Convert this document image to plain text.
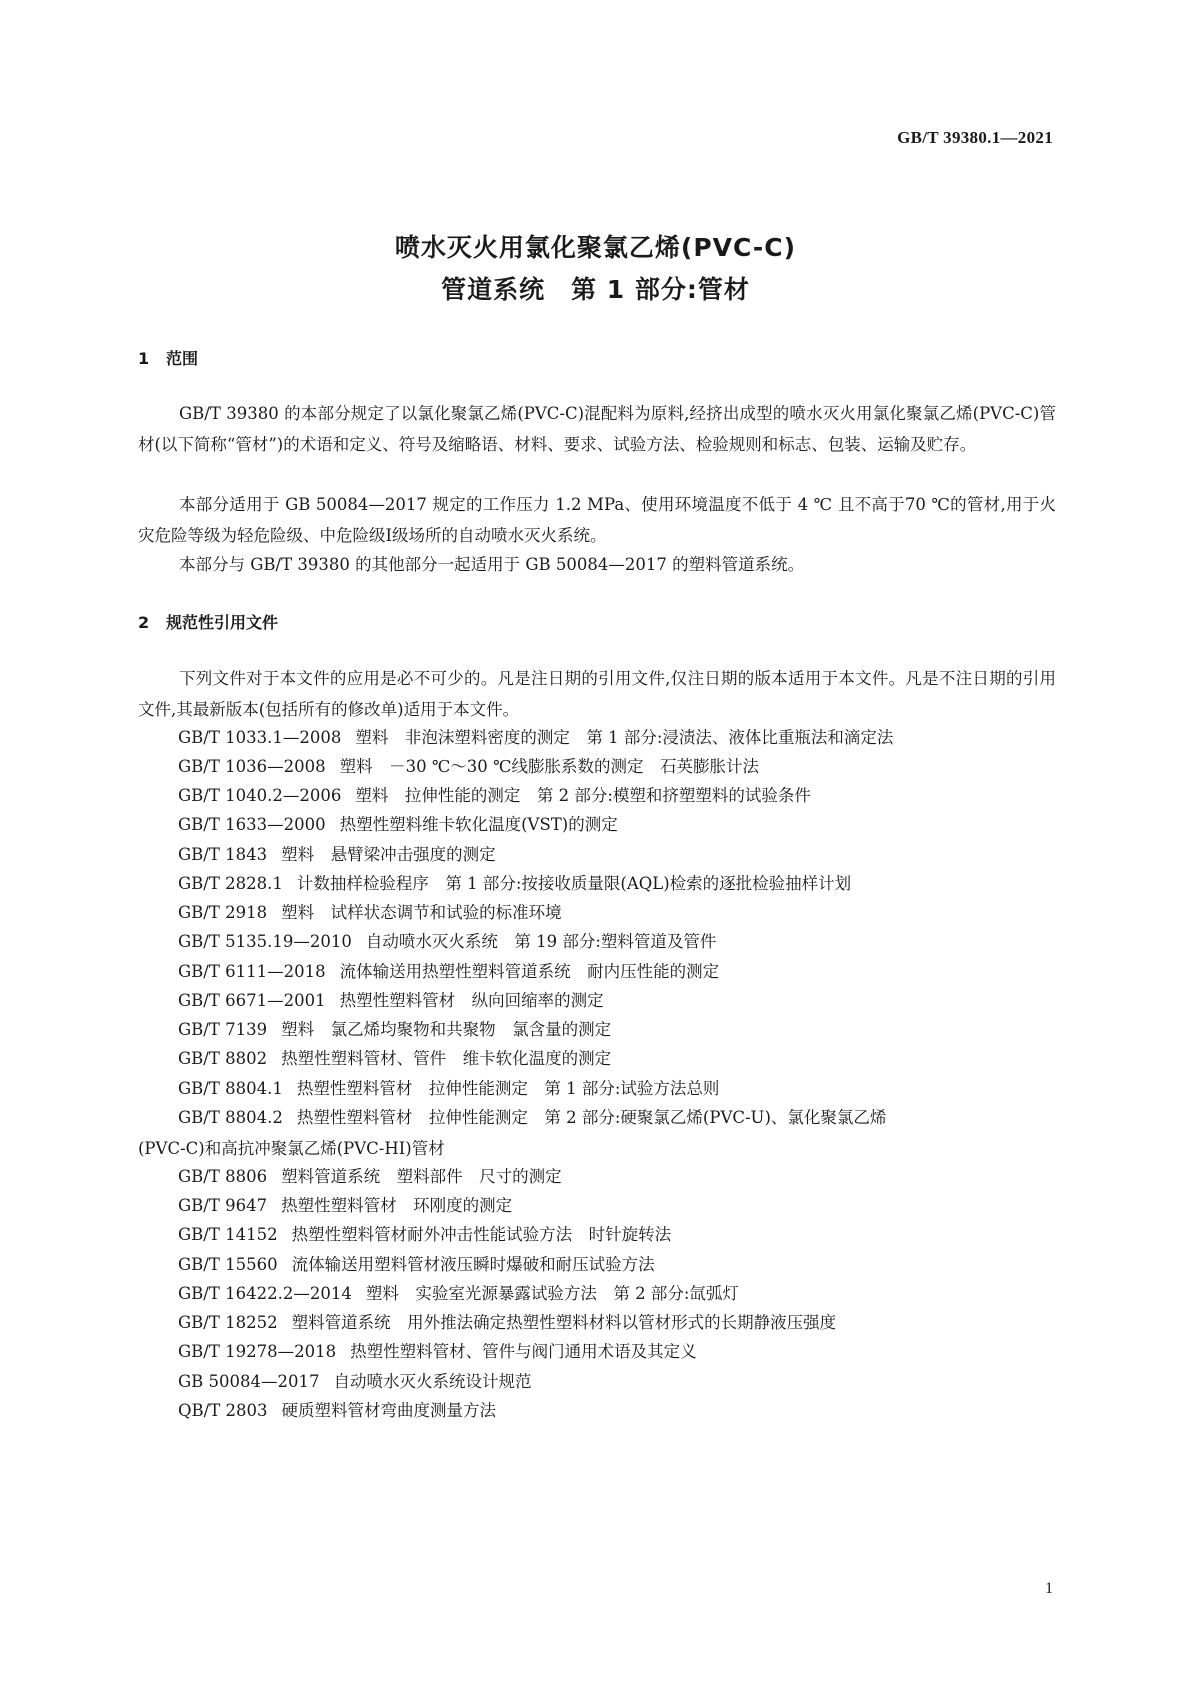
GB/T 39380.1—2021
喷水灭火用氯化聚氯乙烯(PVC-C)
管道系统　第 1 部分:管材
1 范围

GB/T 39380 的本部分规定了以氯化聚氯乙烯(PVC-C)混配料为原料,经挤出成型的喷水灭火用氯化聚氯乙烯(PVC-C)管材(以下简称“管材”)的术语和定义、符号及缩略语、材料、要求、试验方法、检验规则和标志、包装、运输及贮存。

本部分适用于 GB 50084—2017 规定的工作压力 1.2 MPa、使用环境温度不低于 4 ℃ 且不高于70 ℃的管材,用于火灾危险等级为轻危险级、中危险级Ⅰ级场所的自动喷水灭火系统。

本部分与 GB/T 39380 的其他部分一起适用于 GB 50084—2017 的塑料管道系统。

2 规范性引用文件

下列文件对于本文件的应用是必不可少的。凡是注日期的引用文件,仅注日期的版本适用于本文件。凡是不注日期的引用文件,其最新版本(包括所有的修改单)适用于本文件。

GB/T 1033.1—2008 塑料　非泡沫塑料密度的测定　第 1 部分:浸渍法、液体比重瓶法和滴定法

GB/T 1036—2008 塑料　－30 ℃～30 ℃线膨胀系数的测定　石英膨胀计法

GB/T 1040.2—2006 塑料　拉伸性能的测定　第 2 部分:模塑和挤塑塑料的试验条件

GB/T 1633—2000 热塑性塑料维卡软化温度(VST)的测定

GB/T 1843 塑料　悬臂梁冲击强度的测定

GB/T 2828.1 计数抽样检验程序　第 1 部分:按接收质量限(AQL)检索的逐批检验抽样计划

GB/T 2918 塑料　试样状态调节和试验的标准环境

GB/T 5135.19—2010 自动喷水灭火系统　第 19 部分:塑料管道及管件

GB/T 6111—2018 流体输送用热塑性塑料管道系统　耐内压性能的测定

GB/T 6671—2001 热塑性塑料管材　纵向回缩率的测定

GB/T 7139 塑料　氯乙烯均聚物和共聚物　氯含量的测定

GB/T 8802 热塑性塑料管材、管件　维卡软化温度的测定

GB/T 8804.1 热塑性塑料管材　拉伸性能测定　第 1 部分:试验方法总则

GB/T 8804.2 热塑性塑料管材　拉伸性能测定　第 2 部分:硬聚氯乙烯(PVC-U)、氯化聚氯乙烯
(PVC-C)和高抗冲聚氯乙烯(PVC-HI)管材

GB/T 8806 塑料管道系统　塑料部件　尺寸的测定

GB/T 9647 热塑性塑料管材　环刚度的测定

GB/T 14152 热塑性塑料管材耐外冲击性能试验方法　时针旋转法

GB/T 15560 流体输送用塑料管材液压瞬时爆破和耐压试验方法

GB/T 16422.2—2014 塑料　实验室光源暴露试验方法　第 2 部分:氙弧灯

GB/T 18252 塑料管道系统　用外推法确定热塑性塑料材料以管材形式的长期静液压强度

GB/T 19278—2018 热塑性塑料管材、管件与阀门通用术语及其定义

GB 50084—2017 自动喷水灭火系统设计规范

QB/T 2803 硬质塑料管材弯曲度测量方法

1
